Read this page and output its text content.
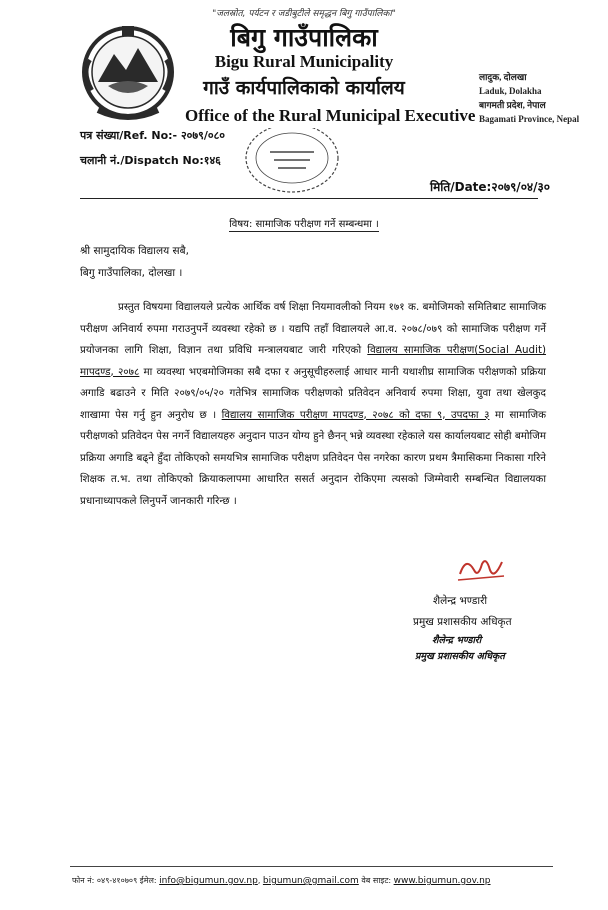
"जलस्रोत, पर्यटन र जडीबुटीले समृद्धन बिगु गाउँपालिका"
बिगु गाउँपालिका
Bigu Rural Municipality
गाउँ कार्यपालिकाको कार्यालय
Office of the Rural Municipal Executive
लादुक, दोलखा
Laduk, Dolakha
बागमती प्रदेश, नेपाल
Bagamati Province, Nepal
पत्र संख्या/Ref. No:- २०७९/०८०
चलानी नं./Dispatch No:१४६
मिति/Date:२०७९/०४/३०
विषय: सामाजिक परीक्षण गर्ने सम्बन्धमा ।
श्री सामुदायिक विद्यालय सबै,
बिगु गाउँपालिका, दोलखा ।

प्रस्तुत विषयमा विद्यालयले प्रत्येक आर्थिक वर्ष शिक्षा नियमावलीको नियम १७१ क. बमोजिमको समितिबाट सामाजिक परीक्षण अनिवार्य रुपमा गराउनुपर्ने व्यवस्था रहेको छ । यद्यपि तहाँ विद्यालयले आ.व. २०७८/०७९ को सामाजिक परीक्षण गर्ने प्रयोजनका लागि शिक्षा, विज्ञान तथा प्रविधि मन्त्रालयबाट जारी गरिएको विद्यालय सामाजिक परीक्षण(Social Audit) मापदण्ड, २०७८ मा व्यवस्था भएबमोजिमका सबै दफा र अनुसूचीहरुलाई आधार मानी यथाशीघ्र सामाजिक परीक्षणको प्रक्रिया अगाडि बढाउने र मिति २०७९/०५/२० गतेभित्र सामाजिक परीक्षणको प्रतिवेदन अनिवार्य रुपमा शिक्षा, युवा तथा खेलकुद शाखामा पेस गर्नु हुन अनुरोध छ । विद्यालय सामाजिक परीक्षण मापदण्ड, २०७८ को दफा ९, उपदफा ३ मा सामाजिक परीक्षणको प्रतिवेदन पेस नगर्ने विद्यालयहरु अनुदान पाउन योग्य हुने छैनन् भन्ने व्यवस्था रहेकाले यस कार्यालयबाट सोही बमोजिम प्रक्रिया अगाडि बढ्ने हुँदा तोकिएको समयभित्र सामाजिक परीक्षण प्रतिवेदन पेस नगरेका कारण प्रथम त्रैमासिकमा निकासा गरिने शिक्षक त.भ. तथा तोकिएको क्रियाकलापमा आधारित ससर्त अनुदान रोकिएमा त्यसको जिम्मेवारी सम्बन्धित विद्यालयका प्रधानाध्यापकले लिनुपर्ने जानकारी गरिन्छ ।

शैलेन्द्र भण्डारी
प्रमुख प्रशासकीय अधिकृत
शैलेन्द्र भण्डारी
प्रमुख प्रशासकीय अधिकृत
फोन नं: ०४९-४१०७०९ ईमेल: info@bigumun.gov.np, bigumun@gmail.com वेब साइट: www.bigumun.gov.np
